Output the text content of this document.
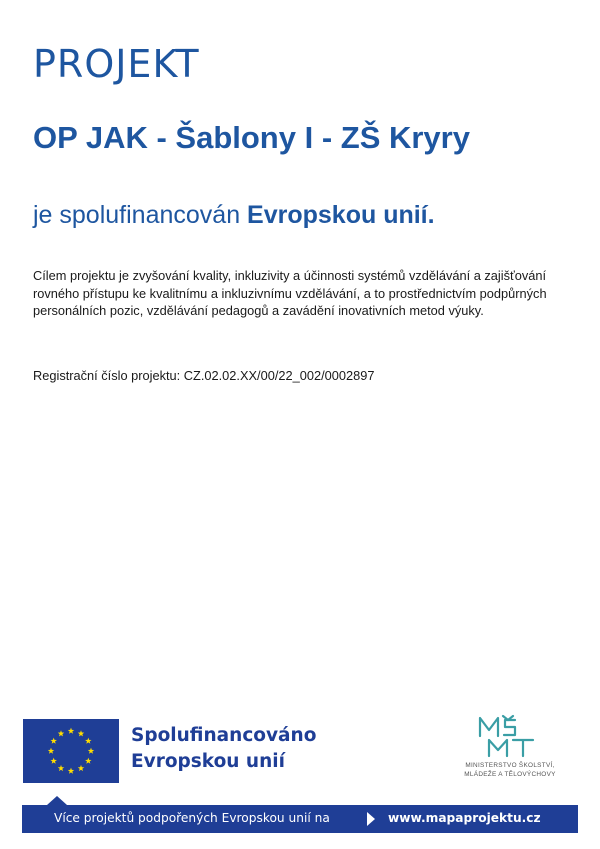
PROJEKT
OP JAK - Šablony I - ZŠ Kryry

je spolufinancován Evropskou unií.

Cílem projektu je zvyšování kvality, inkluzivity a účinnosti systémů vzdělávání a zajišťování rovného přístupu ke kvalitnímu a inkluzivnímu vzdělávání, a to prostřednictvím podpůrných personálních pozic, vzdělávání pedagogů a zavádění inovativních metod výuky.

Registrační číslo projektu: CZ.02.02.XX/00/22_002/0002897

Spolufinancováno
Evropskou unií	MINISTERSTVO ŠKOLSTVÍ,
MLÁDEŽE A TĚLOVÝCHOVY
Více projektů podpořených Evropskou unií na	www.mapaprojektu.cz
